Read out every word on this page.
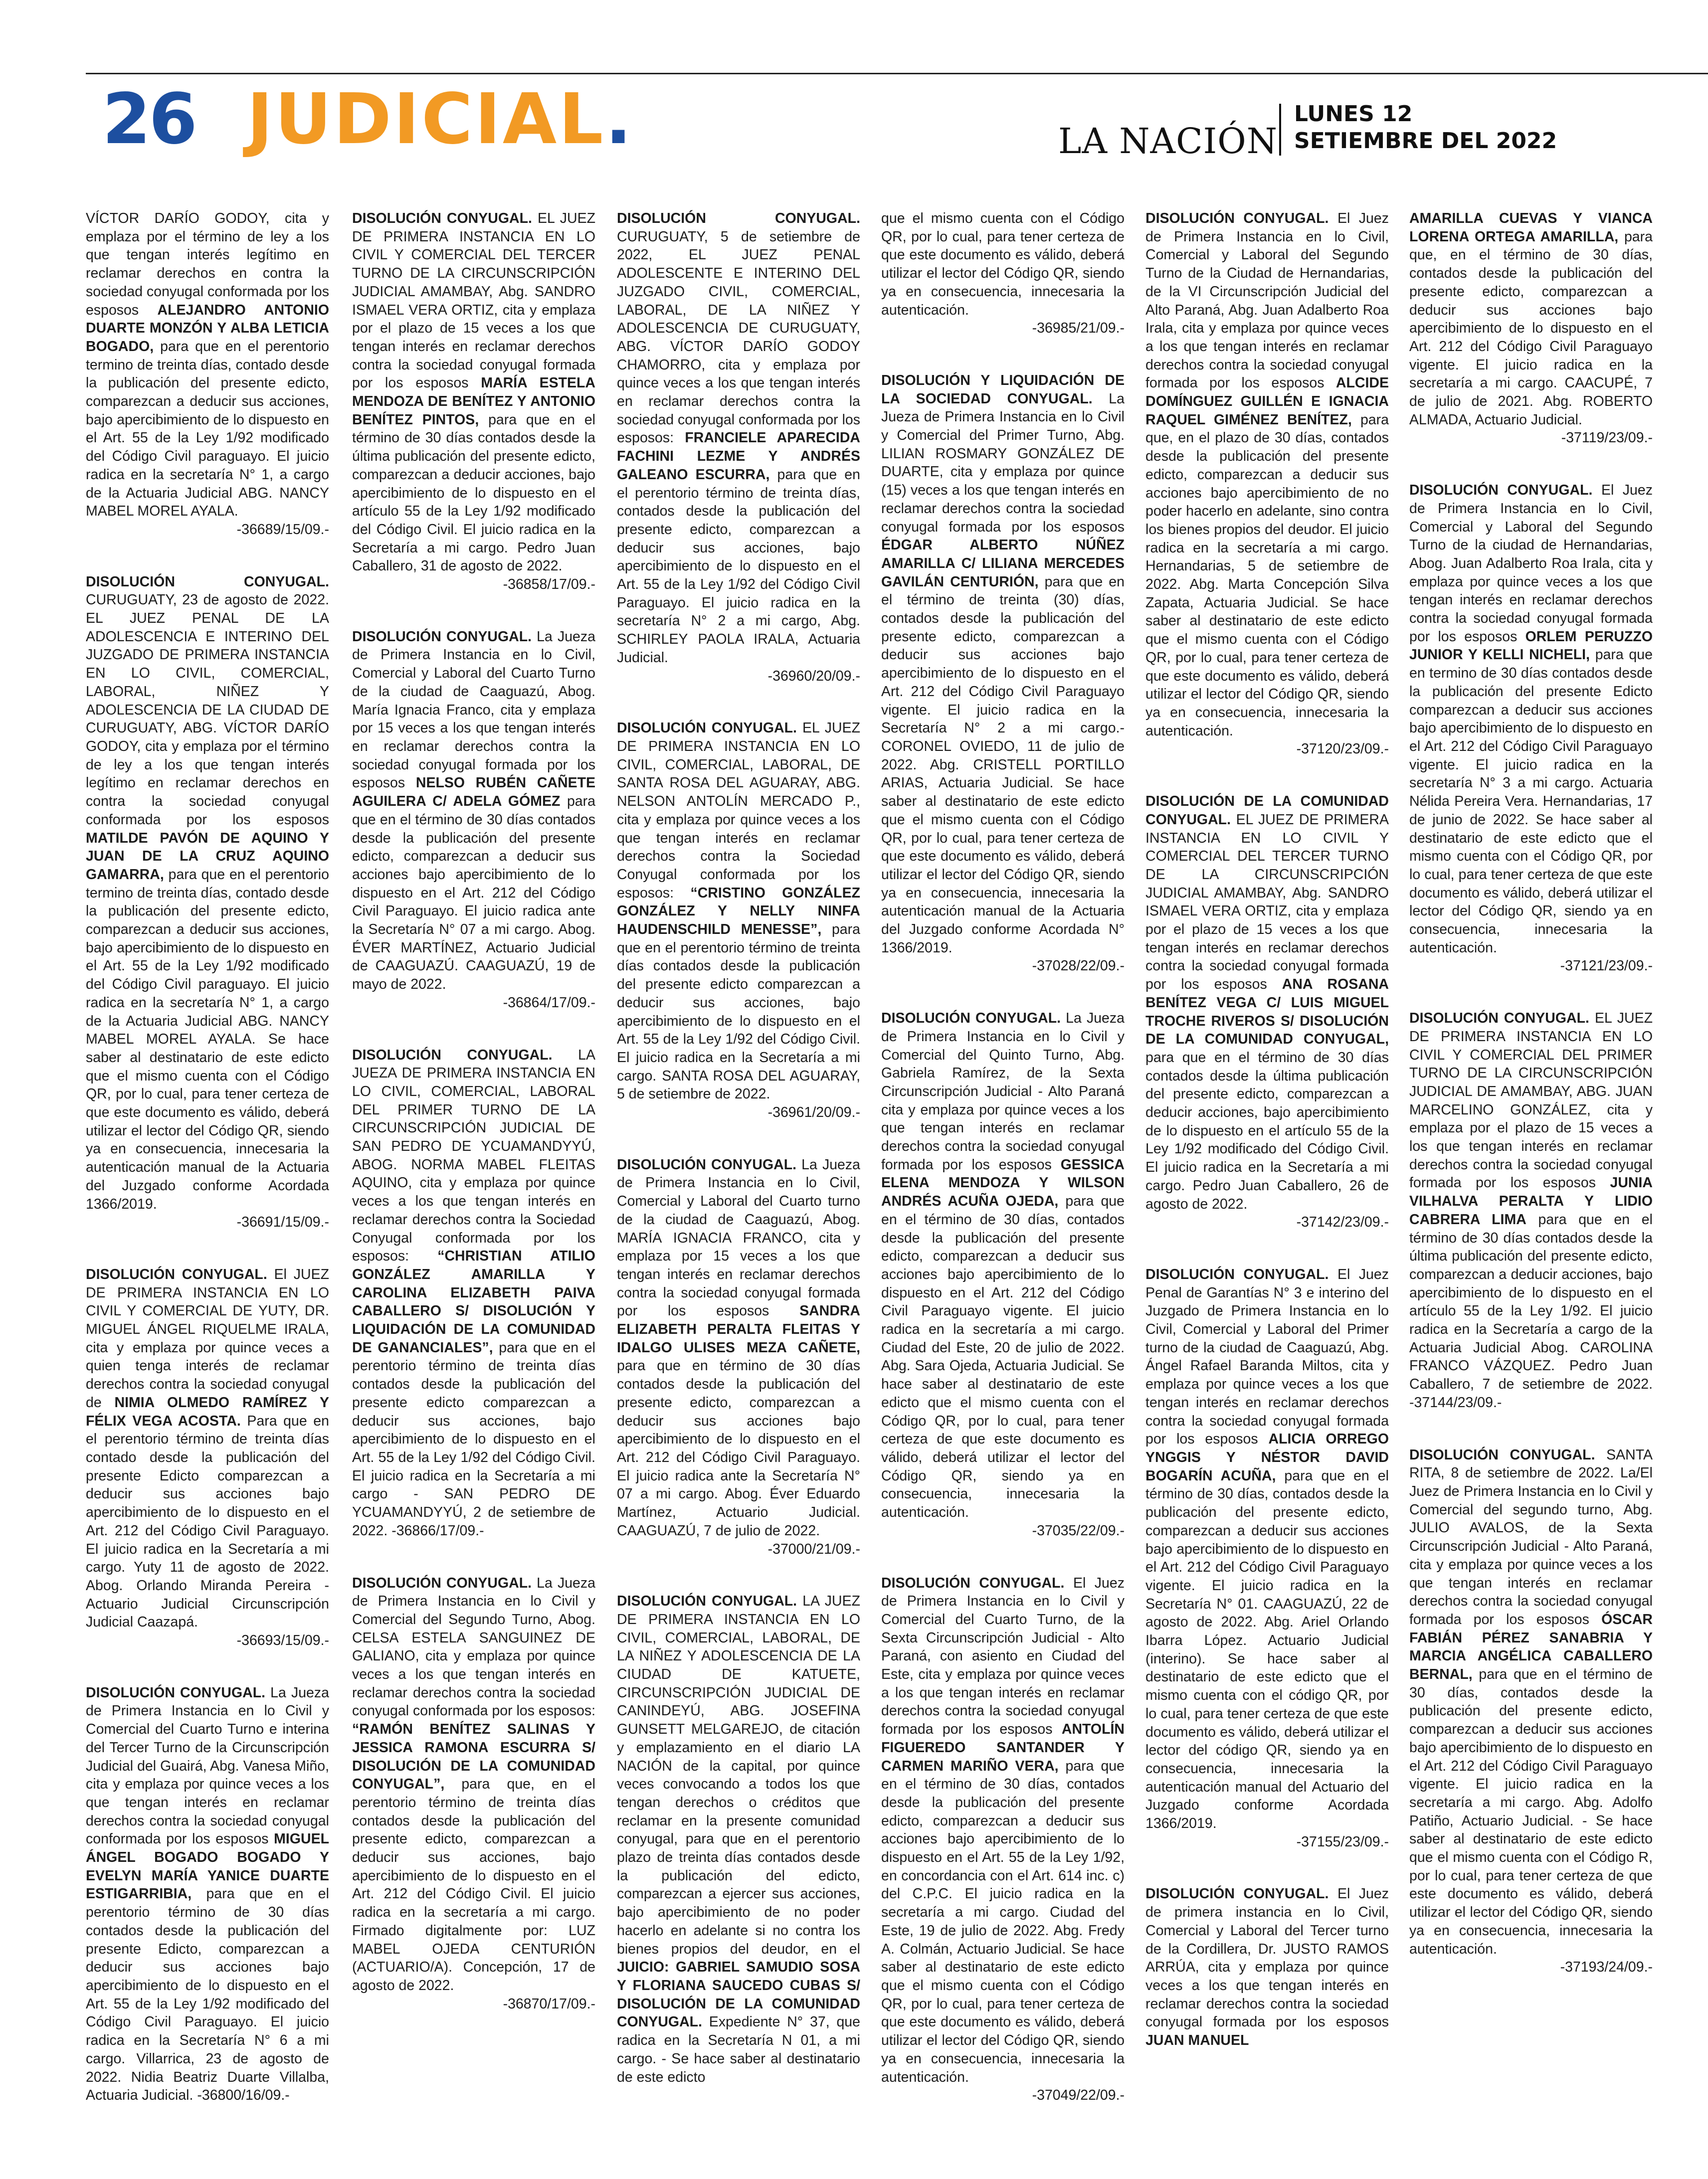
26 JUDICIAL.	LA NACIÓN
LUNES 12
SETIEMBRE DEL 2022

VÍCTOR DARÍO GODOY, cita y emplaza por el término de ley a los que tengan interés legítimo en reclamar derechos en contra la sociedad conyugal conformada por los esposos ALEJANDRO ANTONIO DUARTE MONZÓN Y ALBA LETICIA BOGADO, para que en el perentorio termino de treinta días, contado desde la publicación del presente edicto, comparezcan a deducir sus acciones, bajo apercibimiento de lo dispuesto en el Art. 55 de la Ley 1/92 modificado del Código Civil paraguayo. El juicio radica en la secretaría N° 1, a cargo de la Actuaria Judicial ABG. NANCY MABEL MOREL AYALA.
-36689/15/09.-

DISOLUCIÓN CONYUGAL. CURUGUATY, 23 de agosto de 2022. EL JUEZ PENAL DE LA ADOLESCENCIA E INTERINO DEL JUZGADO DE PRIMERA INSTANCIA EN LO CIVIL, COMERCIAL, LABORAL, NIÑEZ Y ADOLESCENCIA DE LA CIUDAD DE CURUGUATY, ABG. VÍCTOR DARÍO GODOY, cita y emplaza por el término de ley a los que tengan interés legítimo en reclamar derechos en contra la sociedad conyugal conformada por los esposos MATILDE PAVÓN DE AQUINO Y JUAN DE LA CRUZ AQUINO GAMARRA, para que en el perentorio termino de treinta días, contado desde la publicación del presente edicto, comparezcan a deducir sus acciones, bajo apercibimiento de lo dispuesto en el Art. 55 de la Ley 1/92 modificado del Código Civil paraguayo. El juicio radica en la secretaría N° 1, a cargo de la Actuaria Judicial ABG. NANCY MABEL MOREL AYALA. Se hace saber al destinatario de este edicto que el mismo cuenta con el Código QR, por lo cual, para tener certeza de que este documento es válido, deberá utilizar el lector del Código QR, siendo ya en consecuencia, innecesaria la autenticación manual de la Actuaria del Juzgado conforme Acordada 1366/2019.
-36691/15/09.-

DISOLUCIÓN CONYUGAL. El JUEZ DE PRIMERA INSTANCIA EN LO CIVIL Y COMERCIAL DE YUTY, DR. MIGUEL ÁNGEL RIQUELME IRALA, cita y emplaza por quince veces a quien tenga interés de reclamar derechos contra la sociedad conyugal de NIMIA OLMEDO RAMÍREZ Y FÉLIX VEGA ACOSTA. Para que en el perentorio término de treinta días contado desde la publicación del presente Edicto comparezcan a deducir sus acciones bajo apercibimiento de lo dispuesto en el Art. 212 del Código Civil Paraguayo. El juicio radica en la Secretaría a mi cargo. Yuty 11 de agosto de 2022. Abog. Orlando Miranda Pereira - Actuario Judicial Circunscripción Judicial Caazapá.
-36693/15/09.-

DISOLUCIÓN CONYUGAL. La Jueza de Primera Instancia en lo Civil y Comercial del Cuarto Turno e interina del Tercer Turno de la Circunscripción Judicial del Guairá, Abg. Vanesa Miño, cita y emplaza por quince veces a los que tengan interés en reclamar derechos contra la sociedad conyugal conformada por los esposos MIGUEL ÁNGEL BOGADO BOGADO Y EVELYN MARÍA YANICE DUARTE ESTIGARRIBIA, para que en el perentorio término de 30 días contados desde la publicación del presente Edicto, comparezcan a deducir sus acciones bajo apercibimiento de lo dispuesto en el Art. 55 de la Ley 1/92 modificado del Código Civil Paraguayo. El juicio radica en la Secretaría N° 6 a mi cargo. Villarrica, 23 de agosto de 2022. Nidia Beatriz Duarte Villalba, Actuaria Judicial. -36800/16/09.-

DISOLUCIÓN CONYUGAL. EL JUEZ DE PRIMERA INSTANCIA EN LO CIVIL Y COMERCIAL DEL TERCER TURNO DE LA CIRCUNSCRIPCIÓN JUDICIAL AMAMBAY, Abg. SANDRO ISMAEL VERA ORTIZ, cita y emplaza por el plazo de 15 veces a los que tengan interés en reclamar derechos contra la sociedad conyugal formada por los esposos MARÍA ESTELA MENDOZA DE BENÍTEZ Y ANTONIO BENÍTEZ PINTOS, para que en el término de 30 días contados desde la última publicación del presente edicto, comparezcan a deducir acciones, bajo apercibimiento de lo dispuesto en el artículo 55 de la Ley 1/92 modificado del Código Civil. El juicio radica en la Secretaría a mi cargo. Pedro Juan Caballero, 31 de agosto de 2022.
-36858/17/09.-

DISOLUCIÓN CONYUGAL. La Jueza de Primera Instancia en lo Civil, Comercial y Laboral del Cuarto Turno de la ciudad de Caaguazú, Abog. María Ignacia Franco, cita y emplaza por 15 veces a los que tengan interés en reclamar derechos contra la sociedad conyugal formada por los esposos NELSO RUBÉN CAÑETE AGUILERA C/ ADELA GÓMEZ para que en el término de 30 días contados desde la publicación del presente edicto, comparezcan a deducir sus acciones bajo apercibimiento de lo dispuesto en el Art. 212 del Código Civil Paraguayo. El juicio radica ante la Secretaría N° 07 a mi cargo. Abog. ÉVER MARTÍNEZ, Actuario Judicial de CAAGUAZÚ. CAAGUAZÚ, 19 de mayo de 2022.
-36864/17/09.-

DISOLUCIÓN CONYUGAL. LA JUEZA DE PRIMERA INSTANCIA EN LO CIVIL, COMERCIAL, LABORAL DEL PRIMER TURNO DE LA CIRCUNSCRIPCIÓN JUDICIAL DE SAN PEDRO DE YCUAMANDYYÚ, ABOG. NORMA MABEL FLEITAS AQUINO, cita y emplaza por quince veces a los que tengan interés en reclamar derechos contra la Sociedad Conyugal conformada por los esposos: “CHRISTIAN ATILIO GONZÁLEZ AMARILLA Y CAROLINA ELIZABETH PAIVA CABALLERO S/ DISOLUCIÓN Y LIQUIDACIÓN DE LA COMUNIDAD DE GANANCIALES”, para que en el perentorio término de treinta días contados desde la publicación del presente edicto comparezcan a deducir sus acciones, bajo apercibimiento de lo dispuesto en el Art. 55 de la Ley 1/92 del Código Civil. El juicio radica en la Secretaría a mi cargo - SAN PEDRO DE YCUAMANDYYÚ, 2 de setiembre de 2022. -36866/17/09.-

DISOLUCIÓN CONYUGAL. La Jueza de Primera Instancia en lo Civil y Comercial del Segundo Turno, Abog. CELSA ESTELA SANGUINEZ DE GALIANO, cita y emplaza por quince veces a los que tengan interés en reclamar derechos contra la sociedad conyugal conformada por los esposos: “RAMÓN BENÍTEZ SALINAS Y JESSICA RAMONA ESCURRA S/ DISOLUCIÓN DE LA COMUNIDAD CONYUGAL”, para que, en el perentorio término de treinta días contados desde la publicación del presente edicto, comparezcan a deducir sus acciones, bajo apercibimiento de lo dispuesto en el Art. 212 del Código Civil. El juicio radica en la secretaría a mi cargo. Firmado digitalmente por: LUZ MABEL OJEDA CENTURIÓN (ACTUARIO/A). Concepción, 17 de agosto de 2022.
-36870/17/09.-

DISOLUCIÓN CONYUGAL. CURUGUATY, 5 de setiembre de 2022, EL JUEZ PENAL ADOLESCENTE E INTERINO DEL JUZGADO CIVIL, COMERCIAL, LABORAL, DE LA NIÑEZ Y ADOLESCENCIA DE CURUGUATY, ABG. VÍCTOR DARÍO GODOY CHAMORRO, cita y emplaza por quince veces a los que tengan interés en reclamar derechos contra la sociedad conyugal conformada por los esposos: FRANCIELE APARECIDA FACHINI LEZME Y ANDRÉS GALEANO ESCURRA, para que en el perentorio término de treinta días, contados desde la publicación del presente edicto, comparezcan a deducir sus acciones, bajo apercibimiento de lo dispuesto en el Art. 55 de la Ley 1/92 del Código Civil Paraguayo. El juicio radica en la secretaría N° 2 a mi cargo, Abg. SCHIRLEY PAOLA IRALA, Actuaria Judicial.
-36960/20/09.-

DISOLUCIÓN CONYUGAL. EL JUEZ DE PRIMERA INSTANCIA EN LO CIVIL, COMERCIAL, LABORAL, DE SANTA ROSA DEL AGUARAY, ABG. NELSON ANTOLÍN MERCADO P., cita y emplaza por quince veces a los que tengan interés en reclamar derechos contra la Sociedad Conyugal conformada por los esposos: “CRISTINO GONZÁLEZ GONZÁLEZ Y NELLY NINFA HAUDENSCHILD MENESSE”, para que en el perentorio término de treinta días contados desde la publicación del presente edicto comparezcan a deducir sus acciones, bajo apercibimiento de lo dispuesto en el Art. 55 de la Ley 1/92 del Código Civil. El juicio radica en la Secretaría a mi cargo. SANTA ROSA DEL AGUARAY, 5 de setiembre de 2022.
-36961/20/09.-

DISOLUCIÓN CONYUGAL. La Jueza de Primera Instancia en lo Civil, Comercial y Laboral del Cuarto turno de la ciudad de Caaguazú, Abog. MARÍA IGNACIA FRANCO, cita y emplaza por 15 veces a los que tengan interés en reclamar derechos contra la sociedad conyugal formada por los esposos SANDRA ELIZABETH PERALTA FLEITAS Y IDALGO ULISES MEZA CAÑETE, para que en término de 30 días contados desde la publicación del presente edicto, comparezcan a deducir sus acciones bajo apercibimiento de lo dispuesto en el Art. 212 del Código Civil Paraguayo. El juicio radica ante la Secretaría N° 07 a mi cargo. Abog. Éver Eduardo Martínez, Actuario Judicial. CAAGUAZÚ, 7 de julio de 2022.
-37000/21/09.-

DISOLUCIÓN CONYUGAL. LA JUEZ DE PRIMERA INSTANCIA EN LO CIVIL, COMERCIAL, LABORAL, DE LA NIÑEZ Y ADOLESCENCIA DE LA CIUDAD DE KATUETE, CIRCUNSCRIPCIÓN JUDICIAL DE CANINDEYÚ, ABG. JOSEFINA GUNSETT MELGAREJO, de citación y emplazamiento en el diario LA NACIÓN de la capital, por quince veces convocando a todos los que tengan derechos o créditos que reclamar en la presente comunidad conyugal, para que en el perentorio plazo de treinta días contados desde la publicación del edicto, comparezcan a ejercer sus acciones, bajo apercibimiento de no poder hacerlo en adelante si no contra los bienes propios del deudor, en el JUICIO: GABRIEL SAMUDIO SOSA Y FLORIANA SAUCEDO CUBAS S/ DISOLUCIÓN DE LA COMUNIDAD CONYUGAL. Expediente N° 37, que radica en la Secretaría N 01, a mi cargo. - Se hace saber al destinatario de este edicto

que el mismo cuenta con el Código QR, por lo cual, para tener certeza de que este documento es válido, deberá utilizar el lector del Código QR, siendo ya en consecuencia, innecesaria la autenticación.
-36985/21/09.-

DISOLUCIÓN Y LIQUIDACIÓN DE LA SOCIEDAD CONYUGAL. La Jueza de Primera Instancia en lo Civil y Comercial del Primer Turno, Abg. LILIAN ROSMARY GONZÁLEZ DE DUARTE, cita y emplaza por quince (15) veces a los que tengan interés en reclamar derechos contra la sociedad conyugal formada por los esposos ÉDGAR ALBERTO NÚÑEZ AMARILLA C/ LILIANA MERCEDES GAVILÁN CENTURIÓN, para que en el término de treinta (30) días, contados desde la publicación del presente edicto, comparezcan a deducir sus acciones bajo apercibimiento de lo dispuesto en el Art. 212 del Código Civil Paraguayo vigente. El juicio radica en la Secretaría N° 2 a mi cargo.- CORONEL OVIEDO, 11 de julio de 2022. Abg. CRISTELL PORTILLO ARIAS, Actuaria Judicial. Se hace saber al destinatario de este edicto que el mismo cuenta con el Código QR, por lo cual, para tener certeza de que este documento es válido, deberá utilizar el lector del Código QR, siendo ya en consecuencia, innecesaria la autenticación manual de la Actuaria del Juzgado conforme Acordada N° 1366/2019.
-37028/22/09.-

DISOLUCIÓN CONYUGAL. La Jueza de Primera Instancia en lo Civil y Comercial del Quinto Turno, Abg. Gabriela Ramírez, de la Sexta Circunscripción Judicial - Alto Paraná cita y emplaza por quince veces a los que tengan interés en reclamar derechos contra la sociedad conyugal formada por los esposos GESSICA ELENA MENDOZA Y WILSON ANDRÉS ACUÑA OJEDA, para que en el término de 30 días, contados desde la publicación del presente edicto, comparezcan a deducir sus acciones bajo apercibimiento de lo dispuesto en el Art. 212 del Código Civil Paraguayo vigente. El juicio radica en la secretaría a mi cargo. Ciudad del Este, 20 de julio de 2022. Abg. Sara Ojeda, Actuaria Judicial. Se hace saber al destinatario de este edicto que el mismo cuenta con el Código QR, por lo cual, para tener certeza de que este documento es válido, deberá utilizar el lector del Código QR, siendo ya en consecuencia, innecesaria la autenticación.
-37035/22/09.-

DISOLUCIÓN CONYUGAL. El Juez de Primera Instancia en lo Civil y Comercial del Cuarto Turno, de la Sexta Circunscripción Judicial - Alto Paraná, con asiento en Ciudad del Este, cita y emplaza por quince veces a los que tengan interés en reclamar derechos contra la sociedad conyugal formada por los esposos ANTOLÍN FIGUEREDO SANTANDER Y CARMEN MARIÑO VERA, para que en el término de 30 días, contados desde la publicación del presente edicto, comparezcan a deducir sus acciones bajo apercibimiento de lo dispuesto en el Art. 55 de la Ley 1/92, en concordancia con el Art. 614 inc. c) del C.P.C. El juicio radica en la secretaría a mi cargo. Ciudad del Este, 19 de julio de 2022. Abg. Fredy A. Colmán, Actuario Judicial. Se hace saber al destinatario de este edicto que el mismo cuenta con el Código QR, por lo cual, para tener certeza de que este documento es válido, deberá utilizar el lector del Código QR, siendo ya en consecuencia, innecesaria la autenticación.
-37049/22/09.-

DISOLUCIÓN CONYUGAL. El Juez de Primera Instancia en lo Civil, Comercial y Laboral del Segundo Turno de la Ciudad de Hernandarias, de la VI Circunscripción Judicial del Alto Paraná, Abg. Juan Adalberto Roa Irala, cita y emplaza por quince veces a los que tengan interés en reclamar derechos contra la sociedad conyugal formada por los esposos ALCIDE DOMÍNGUEZ GUILLÉN E IGNACIA RAQUEL GIMÉNEZ BENÍTEZ, para que, en el plazo de 30 días, contados desde la publicación del presente edicto, comparezcan a deducir sus acciones bajo apercibimiento de no poder hacerlo en adelante, sino contra los bienes propios del deudor. El juicio radica en la secretaría a mi cargo. Hernandarias, 5 de setiembre de 2022. Abg. Marta Concepción Silva Zapata, Actuaria Judicial. Se hace saber al destinatario de este edicto que el mismo cuenta con el Código QR, por lo cual, para tener certeza de que este documento es válido, deberá utilizar el lector del Código QR, siendo ya en consecuencia, innecesaria la autenticación.
-37120/23/09.-

DISOLUCIÓN DE LA COMUNIDAD CONYUGAL. EL JUEZ DE PRIMERA INSTANCIA EN LO CIVIL Y COMERCIAL DEL TERCER TURNO DE LA CIRCUNSCRIPCIÓN JUDICIAL AMAMBAY, Abg. SANDRO ISMAEL VERA ORTIZ, cita y emplaza por el plazo de 15 veces a los que tengan interés en reclamar derechos contra la sociedad conyugal formada por los esposos ANA ROSANA BENÍTEZ VEGA C/ LUIS MIGUEL TROCHE RIVEROS S/ DISOLUCIÓN DE LA COMUNIDAD CONYUGAL, para que en el término de 30 días contados desde la última publicación del presente edicto, comparezcan a deducir acciones, bajo apercibimiento de lo dispuesto en el artículo 55 de la Ley 1/92 modificado del Código Civil. El juicio radica en la Secretaría a mi cargo. Pedro Juan Caballero, 26 de agosto de 2022.
-37142/23/09.-

DISOLUCIÓN CONYUGAL. El Juez Penal de Garantías N° 3 e interino del Juzgado de Primera Instancia en lo Civil, Comercial y Laboral del Primer turno de la ciudad de Caaguazú, Abg. Ángel Rafael Baranda Miltos, cita y emplaza por quince veces a los que tengan interés en reclamar derechos contra la sociedad conyugal formada por los esposos ALICIA ORREGO YNGGIS Y NÉSTOR DAVID BOGARÍN ACUÑA, para que en el término de 30 días, contados desde la publicación del presente edicto, comparezcan a deducir sus acciones bajo apercibimiento de lo dispuesto en el Art. 212 del Código Civil Paraguayo vigente. El juicio radica en la Secretaría N° 01. CAAGUAZÚ, 22 de agosto de 2022. Abg. Ariel Orlando Ibarra López. Actuario Judicial (interino). Se hace saber al destinatario de este edicto que el mismo cuenta con el código QR, por lo cual, para tener certeza de que este documento es válido, deberá utilizar el lector del código QR, siendo ya en consecuencia, innecesaria la autenticación manual del Actuario del Juzgado conforme Acordada 1366/2019.
-37155/23/09.-

DISOLUCIÓN CONYUGAL. El Juez de primera instancia en lo Civil, Comercial y Laboral del Tercer turno de la Cordillera, Dr. JUSTO RAMOS ARRÚA, cita y emplaza por quince veces a los que tengan interés en reclamar derechos contra la sociedad conyugal formada por los esposos JUAN MANUEL

AMARILLA CUEVAS Y VIANCA LORENA ORTEGA AMARILLA, para que, en el término de 30 días, contados desde la publicación del presente edicto, comparezcan a deducir sus acciones bajo apercibimiento de lo dispuesto en el Art. 212 del Código Civil Paraguayo vigente. El juicio radica en la secretaría a mi cargo. CAACUPÉ, 7 de julio de 2021. Abg. ROBERTO ALMADA, Actuario Judicial.
-37119/23/09.-

DISOLUCIÓN CONYUGAL. El Juez de Primera Instancia en lo Civil, Comercial y Laboral del Segundo Turno de la ciudad de Hernandarias, Abog. Juan Adalberto Roa Irala, cita y emplaza por quince veces a los que tengan interés en reclamar derechos contra la sociedad conyugal formada por los esposos ORLEM PERUZZO JUNIOR Y KELLI NICHELI, para que en termino de 30 días contados desde la publicación del presente Edicto comparezcan a deducir sus acciones bajo apercibimiento de lo dispuesto en el Art. 212 del Código Civil Paraguayo vigente. El juicio radica en la secretaría N° 3 a mi cargo. Actuaria Nélida Pereira Vera. Hernandarias, 17 de junio de 2022. Se hace saber al destinatario de este edicto que el mismo cuenta con el Código QR, por lo cual, para tener certeza de que este documento es válido, deberá utilizar el lector del Código QR, siendo ya en consecuencia, innecesaria la autenticación.
-37121/23/09.-

DISOLUCIÓN CONYUGAL. EL JUEZ DE PRIMERA INSTANCIA EN LO CIVIL Y COMERCIAL DEL PRIMER TURNO DE LA CIRCUNSCRIPCIÓN JUDICIAL DE AMAMBAY, ABG. JUAN MARCELINO GONZÁLEZ, cita y emplaza por el plazo de 15 veces a los que tengan interés en reclamar derechos contra la sociedad conyugal formada por los esposos JUNIA VILHALVA PERALTA Y LIDIO CABRERA LIMA para que en el término de 30 días contados desde la última publicación del presente edicto, comparezcan a deducir acciones, bajo apercibimiento de lo dispuesto en el artículo 55 de la Ley 1/92. El juicio radica en la Secretaría a cargo de la Actuaria Judicial Abog. CAROLINA FRANCO VÁZQUEZ. Pedro Juan Caballero, 7 de setiembre de 2022. -37144/23/09.-

DISOLUCIÓN CONYUGAL. SANTA RITA, 8 de setiembre de 2022. La/El Juez de Primera Instancia en lo Civil y Comercial del segundo turno, Abg. JULIO AVALOS, de la Sexta Circunscripción Judicial - Alto Paraná, cita y emplaza por quince veces a los que tengan interés en reclamar derechos contra la sociedad conyugal formada por los esposos ÓSCAR FABIÁN PÉREZ SANABRIA Y MARCIA ANGÉLICA CABALLERO BERNAL, para que en el término de 30 días, contados desde la publicación del presente edicto, comparezcan a deducir sus acciones bajo apercibimiento de lo dispuesto en el Art. 212 del Código Civil Paraguayo vigente. El juicio radica en la secretaría a mi cargo. Abg. Adolfo Patiño, Actuario Judicial. - Se hace saber al destinatario de este edicto que el mismo cuenta con el Código R, por lo cual, para tener certeza de que este documento es válido, deberá utilizar el lector del Código QR, siendo ya en consecuencia, innecesaria la autenticación.
-37193/24/09.-
